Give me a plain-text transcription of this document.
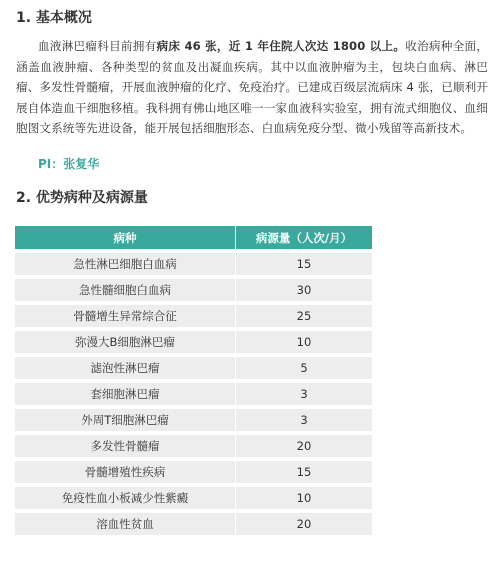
1. 基本概况

血液淋巴瘤科目前拥有病床 46 张，近 1 年住院人次达 1800 以上。收治病种全面，涵盖血液肿瘤、各种类型的贫血及出凝血疾病。其中以血液肿瘤为主，包块白血病、淋巴瘤、多发性骨髓瘤，开展血液肿瘤的化疗、免疫治疗。已建成百级层流病床 4 张，已顺利开展自体造血干细胞移植。我科拥有佛山地区唯一一家血液科实验室，拥有流式细胞仪、血细胞图文系统等先进设备，能开展包括细胞形态、白血病免疫分型、微小残留等高新技术。

PI：张复华
2. 优势病种及病源量
病种	病源量（人次/月）
急性淋巴细胞白血病	15
急性髓细胞白血病	30
骨髓增生异常综合征	25
弥漫大B细胞淋巴瘤	10
滤泡性淋巴瘤	5
套细胞淋巴瘤	3
外周T细胞淋巴瘤	3
多发性骨髓瘤	20
骨髓增殖性疾病	15
免疫性血小板减少性紫癜	10
溶血性贫血	20
